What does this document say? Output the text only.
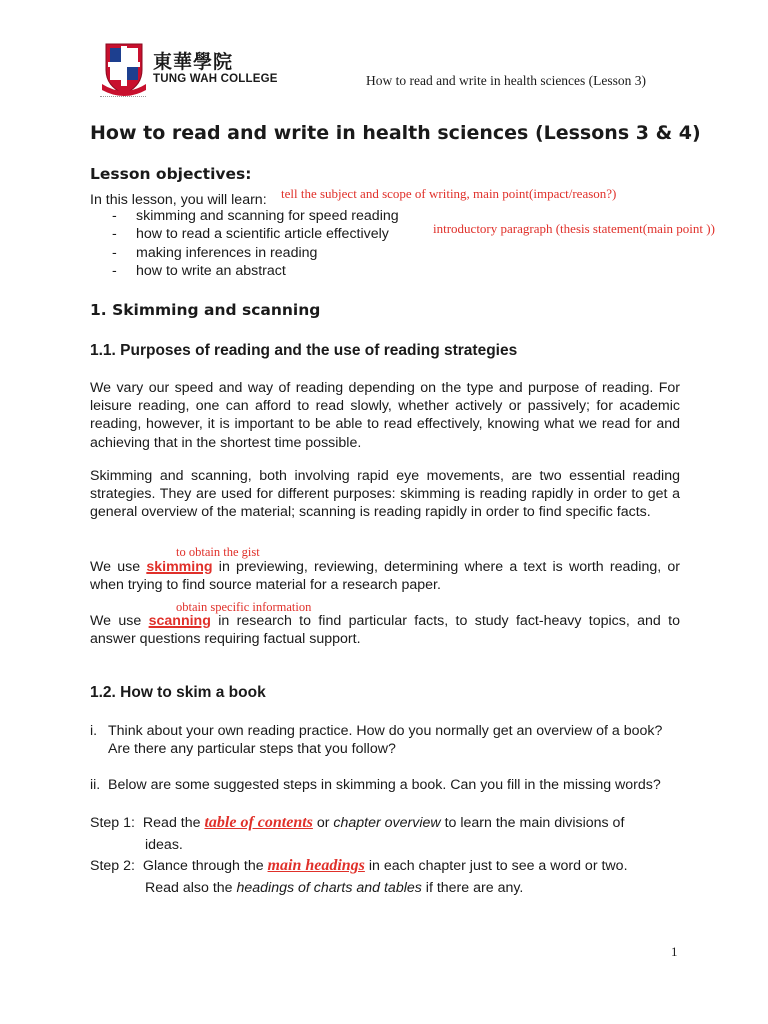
東華學院
TUNG WAH COLLEGE	How to read and write in health sciences (Lesson 3)
How to read and write in health sciences (Lessons 3 & 4)
Lesson objectives:
In this lesson, you will learn: tell the subject and scope of writing, main point(impact/reason?)
- skimming and scanning for speed reading
- how to read a scientific article effectively
- making inferences in reading
- how to write an abstract
introductory paragraph (thesis statement(main point ))
1. Skimming and scanning
1.1. Purposes of reading and the use of reading strategies
We vary our speed and way of reading depending on the type and purpose of reading. For leisure reading, one can afford to read slowly, whether actively or passively; for academic reading, however, it is important to be able to read effectively, knowing what we read for and achieving that in the shortest time possible.
Skimming and scanning, both involving rapid eye movements, are two essential reading strategies. They are used for different purposes: skimming is reading rapidly in order to get a general overview of the material; scanning is reading rapidly in order to find specific facts.
to obtain the gist
We use skimming in previewing, reviewing, determining where a text is worth reading, or when trying to find source material for a research paper.
obtain specific information
We use scanning in research to find particular facts, to study fact-heavy topics, and to answer questions requiring factual support.
1.2. How to skim a book
i. Think about your own reading practice. How do you normally get an overview of a book?
Are there any particular steps that you follow?
ii. Below are some suggested steps in skimming a book. Can you fill in the missing words?
Step 1: Read the table of contents or chapter overview to learn the main divisions of
ideas.
Step 2: Glance through the main headings in each chapter just to see a word or two.
Read also the headings of charts and tables if there are any.
1
